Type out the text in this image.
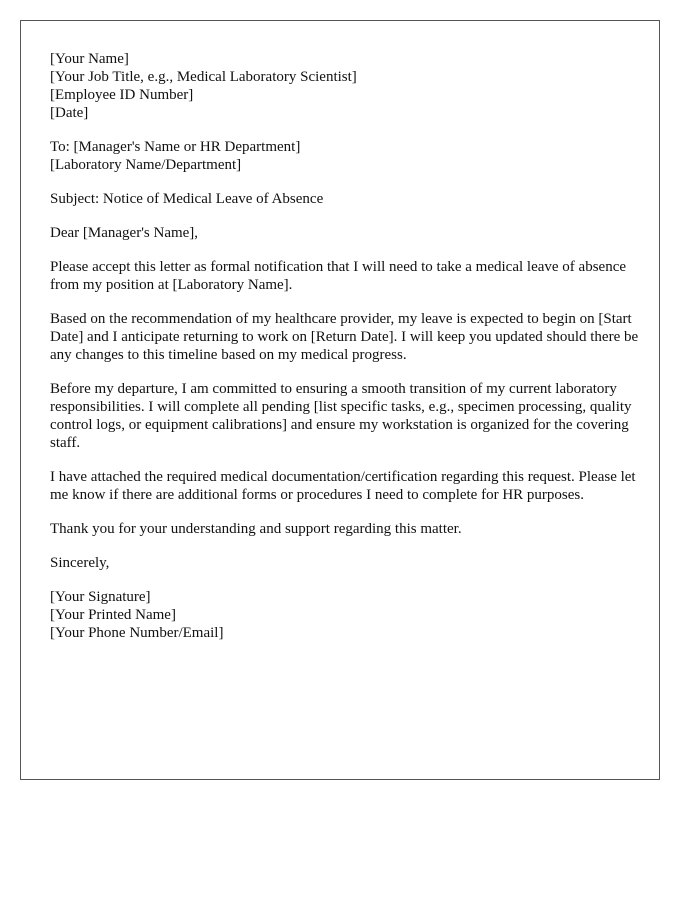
[Your Name]
[Your Job Title, e.g., Medical Laboratory Scientist]
[Employee ID Number]
[Date]
To: [Manager's Name or HR Department]
[Laboratory Name/Department]

Subject: Notice of Medical Leave of Absence

Dear [Manager's Name],

Please accept this letter as formal notification that I will need to take a medical leave of absence from my position at [Laboratory Name].

Based on the recommendation of my healthcare provider, my leave is expected to begin on [Start Date] and I anticipate returning to work on [Return Date]. I will keep you updated should there be any changes to this timeline based on my medical progress.

Before my departure, I am committed to ensuring a smooth transition of my current laboratory responsibilities. I will complete all pending [list specific tasks, e.g., specimen processing, quality control logs, or equipment calibrations] and ensure my workstation is organized for the covering staff.

I have attached the required medical documentation/certification regarding this request. Please let me know if there are additional forms or procedures I need to complete for HR purposes.

Thank you for your understanding and support regarding this matter.

Sincerely,

[Your Signature]
[Your Printed Name]
[Your Phone Number/Email]
